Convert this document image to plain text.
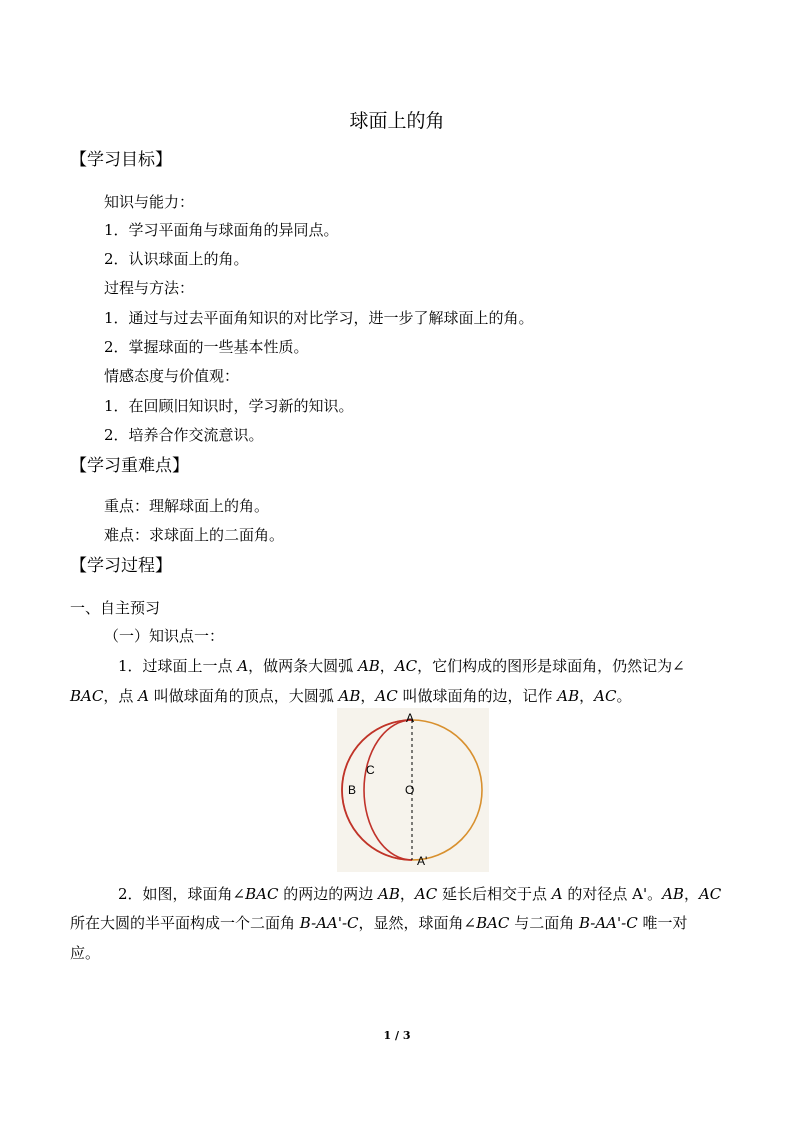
球面上的角
【学习目标】
知识与能力：
1．学习平面角与球面角的异同点。
2．认识球面上的角。
过程与方法：
1．通过与过去平面角知识的对比学习，进一步了解球面上的角。
2．掌握球面的一些基本性质。
情感态度与价值观：
1．在回顾旧知识时，学习新的知识。
2．培养合作交流意识。
【学习重难点】
重点：理解球面上的角。
难点：求球面上的二面角。
【学习过程】
一、自主预习
（一）知识点一：
1．过球面上一点 A，做两条大圆弧 AB，AC，它们构成的图形是球面角，仍然记为∠
BAC，点 A 叫做球面角的顶点，大圆弧 AB，AC 叫做球面角的边，记作 AB，AC。
A
A'
B
C
O
2．如图，球面角∠BAC 的两边的两边 AB，AC 延长后相交于点 A 的对径点 A'。AB，AC
所在大圆的半平面构成一个二面角 B-AA'-C，显然，球面角∠BAC 与二面角 B-AA'-C 唯一对
应。
1 / 3
